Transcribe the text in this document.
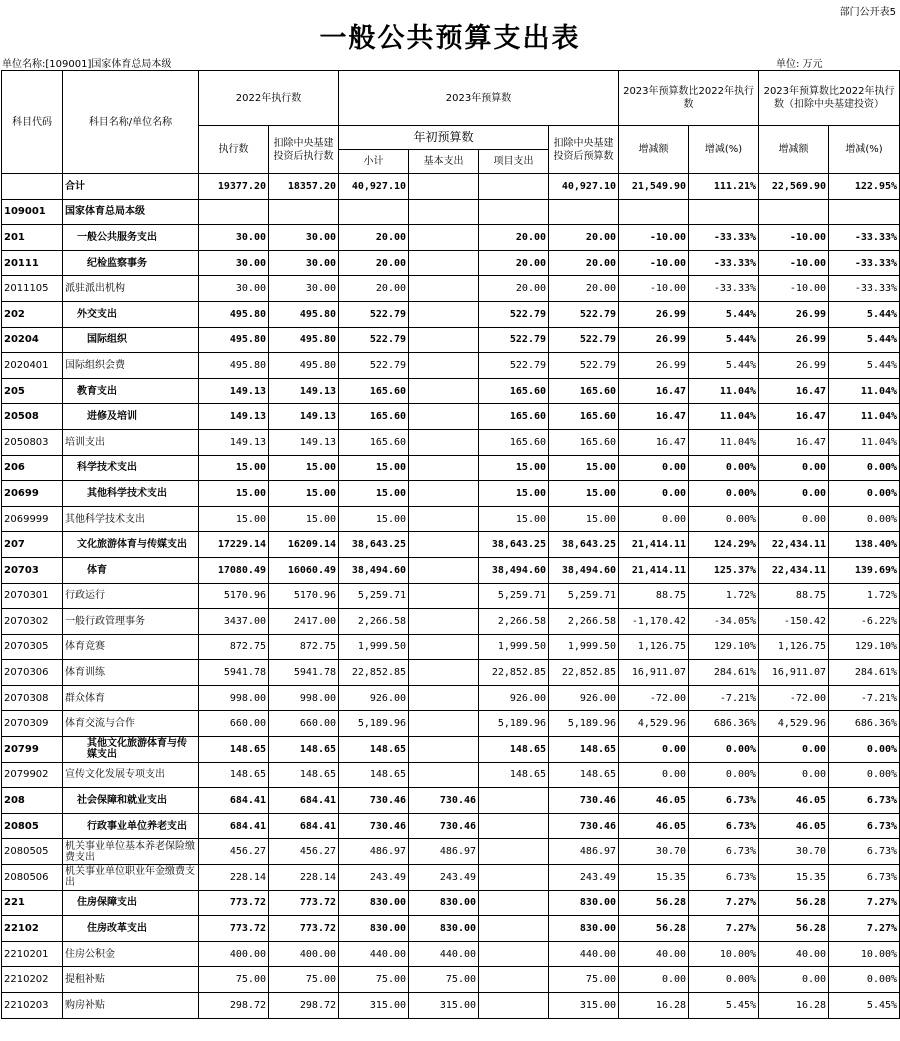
部门公开表5
一般公共预算支出表
单位名称:[109001]国家体育总局本级	单位: 万元
科目代码	科目名称/单位名称	2022年执行数		2023年预算数				2023年预算数比2022年执行数		2023年预算数比2022年执行数（扣除中央基建投资）	
		执行数	扣除中央基建投资后执行数	年初预算数			扣除中央基建投资后预算数	增减额	增减(%)	增减额	增减(%)
				小计	基本支出	项目支出					
	合计	19377.20	18357.20	40,927.10			40,927.10	21,549.90	111.21%	22,569.90	122.95%
109001	国家体育总局本级										
201	一般公共服务支出	30.00	30.00	20.00		20.00	20.00	-10.00	-33.33%	-10.00	-33.33%
20111	纪检监察事务	30.00	30.00	20.00		20.00	20.00	-10.00	-33.33%	-10.00	-33.33%
2011105	派驻派出机构	30.00	30.00	20.00		20.00	20.00	-10.00	-33.33%	-10.00	-33.33%
202	外交支出	495.80	495.80	522.79		522.79	522.79	26.99	5.44%	26.99	5.44%
20204	国际组织	495.80	495.80	522.79		522.79	522.79	26.99	5.44%	26.99	5.44%
2020401	国际组织会费	495.80	495.80	522.79		522.79	522.79	26.99	5.44%	26.99	5.44%
205	教育支出	149.13	149.13	165.60		165.60	165.60	16.47	11.04%	16.47	11.04%
20508	进修及培训	149.13	149.13	165.60		165.60	165.60	16.47	11.04%	16.47	11.04%
2050803	培训支出	149.13	149.13	165.60		165.60	165.60	16.47	11.04%	16.47	11.04%
206	科学技术支出	15.00	15.00	15.00		15.00	15.00	0.00	0.00%	0.00	0.00%
20699	其他科学技术支出	15.00	15.00	15.00		15.00	15.00	0.00	0.00%	0.00	0.00%
2069999	其他科学技术支出	15.00	15.00	15.00		15.00	15.00	0.00	0.00%	0.00	0.00%
207	文化旅游体育与传媒支出	17229.14	16209.14	38,643.25		38,643.25	38,643.25	21,414.11	124.29%	22,434.11	138.40%
20703	体育	17080.49	16060.49	38,494.60		38,494.60	38,494.60	21,414.11	125.37%	22,434.11	139.69%
2070301	行政运行	5170.96	5170.96	5,259.71		5,259.71	5,259.71	88.75	1.72%	88.75	1.72%
2070302	一般行政管理事务	3437.00	2417.00	2,266.58		2,266.58	2,266.58	-1,170.42	-34.05%	-150.42	-6.22%
2070305	体育竞赛	872.75	872.75	1,999.50		1,999.50	1,999.50	1,126.75	129.10%	1,126.75	129.10%
2070306	体育训练	5941.78	5941.78	22,852.85		22,852.85	22,852.85	16,911.07	284.61%	16,911.07	284.61%
2070308	群众体育	998.00	998.00	926.00		926.00	926.00	-72.00	-7.21%	-72.00	-7.21%
2070309	体育交流与合作	660.00	660.00	5,189.96		5,189.96	5,189.96	4,529.96	686.36%	4,529.96	686.36%
20799	其他文化旅游体育与传媒支出	148.65	148.65	148.65		148.65	148.65	0.00	0.00%	0.00	0.00%
2079902	宣传文化发展专项支出	148.65	148.65	148.65		148.65	148.65	0.00	0.00%	0.00	0.00%
208	社会保障和就业支出	684.41	684.41	730.46	730.46		730.46	46.05	6.73%	46.05	6.73%
20805	行政事业单位养老支出	684.41	684.41	730.46	730.46		730.46	46.05	6.73%	46.05	6.73%
2080505	机关事业单位基本养老保险缴费支出	456.27	456.27	486.97	486.97		486.97	30.70	6.73%	30.70	6.73%
2080506	机关事业单位职业年金缴费支出	228.14	228.14	243.49	243.49		243.49	15.35	6.73%	15.35	6.73%
221	住房保障支出	773.72	773.72	830.00	830.00		830.00	56.28	7.27%	56.28	7.27%
22102	住房改革支出	773.72	773.72	830.00	830.00		830.00	56.28	7.27%	56.28	7.27%
2210201	住房公积金	400.00	400.00	440.00	440.00		440.00	40.00	10.00%	40.00	10.00%
2210202	提租补贴	75.00	75.00	75.00	75.00		75.00	0.00	0.00%	0.00	0.00%
2210203	购房补贴	298.72	298.72	315.00	315.00		315.00	16.28	5.45%	16.28	5.45%
